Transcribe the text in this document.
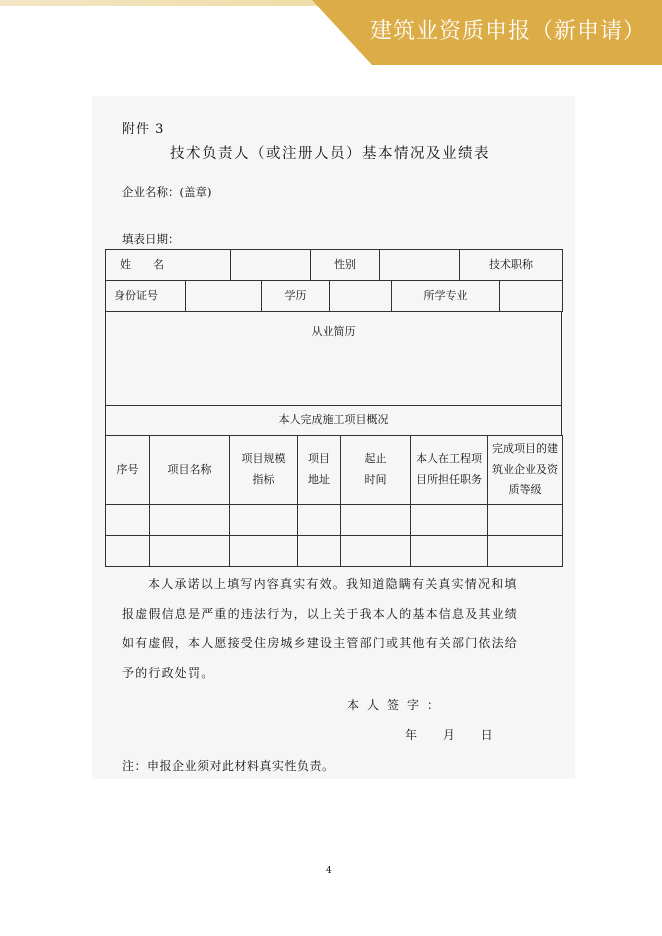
建筑业资质申报（新申请）
附件 3
技术负责人（或注册人员）基本情况及业绩表
企业名称：(盖章)
填表日期：
姓　　名		性别		技术职称	
身份证号		学历		所学专业	
从业简历
本人完成施工项目概况
序号	项目名称	项目规模指标	项目地址	起止时间	本人在工程项目所担任职务	完成项目的建筑业企业及资质等级

本人承诺以上填写内容真实有效。我知道隐瞒有关真实情况和填
报虚假信息是严重的违法行为，以上关于我本人的基本信息及其业绩
如有虚假，本人愿接受住房城乡建设主管部门或其他有关部门依法给
予的行政处罚。
本人签字：
年 月 日
注：申报企业须对此材料真实性负责。
4
